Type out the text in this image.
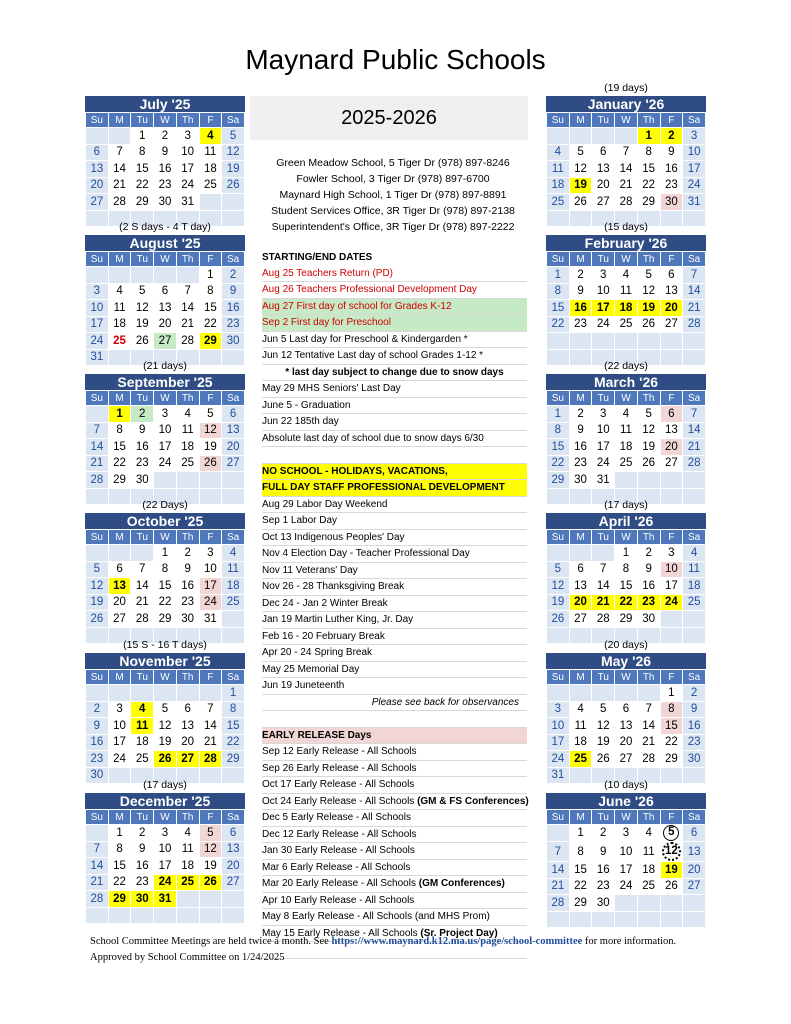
Maynard Public Schools
2025-2026
Green Meadow School, 5 Tiger Dr (978) 897-8246
Fowler School, 3 Tiger Dr (978) 897-6700
Maynard High School, 1 Tiger Dr (978) 897-8891
Student Services Office, 3R Tiger Dr (978) 897-2138
Superintendent's Office, 3R Tiger Dr (978) 897-2222
July '25
Su	M	Tu	W	Th	F	Sa
		1	2	3	4	5
6	7	8	9	10	11	12
13	14	15	16	17	18	19
20	21	22	23	24	25	26
27	28	29	30	31		

(2 S days - 4 T day)
August '25
Su	M	Tu	W	Th	F	Sa
					1	2
3	4	5	6	7	8	9
10	11	12	13	14	15	16
17	18	19	20	21	22	23
24	25	26	27	28	29	30
31						
(21 days)
September '25
Su	M	Tu	W	Th	F	Sa
	1	2	3	4	5	6
7	8	9	10	11	12	13
14	15	16	17	18	19	20
21	22	23	24	25	26	27
28	29	30				

(22 Days)
October '25
Su	M	Tu	W	Th	F	Sa
			1	2	3	4
5	6	7	8	9	10	11
12	13	14	15	16	17	18
19	20	21	22	23	24	25
26	27	28	29	30	31	

(15 S - 16 T days)
November '25
Su	M	Tu	W	Th	F	Sa
						1
2	3	4	5	6	7	8
9	10	11	12	13	14	15
16	17	18	19	20	21	22
23	24	25	26	27	28	29
30						
(17 days)
December '25
Su	M	Tu	W	Th	F	Sa
	1	2	3	4	5	6
7	8	9	10	11	12	13
14	15	16	17	18	19	20
21	22	23	24	25	26	27
28	29	30	31			

(19 days)
January '26
Su	M	Tu	W	Th	F	Sa
				1	2	3
4	5	6	7	8	9	10
11	12	13	14	15	16	17
18	19	20	21	22	23	24
25	26	27	28	29	30	31

(15 days)
February '26
Su	M	Tu	W	Th	F	Sa
1	2	3	4	5	6	7
8	9	10	11	12	13	14
15	16	17	18	19	20	21
22	23	24	25	26	27	28

(22 days)
March '26
Su	M	Tu	W	Th	F	Sa
1	2	3	4	5	6	7
8	9	10	11	12	13	14
15	16	17	18	19	20	21
22	23	24	25	26	27	28
29	30	31				

(17 days)
April '26
Su	M	Tu	W	Th	F	Sa
			1	2	3	4
5	6	7	8	9	10	11
12	13	14	15	16	17	18
19	20	21	22	23	24	25
26	27	28	29	30		

(20 days)
May '26
Su	M	Tu	W	Th	F	Sa
					1	2
3	4	5	6	7	8	9
10	11	12	13	14	15	16
17	18	19	20	21	22	23
24	25	26	27	28	29	30
31						
(10 days)
June '26
Su	M	Tu	W	Th	F	Sa
	1	2	3	4	5	6
7	8	9	10	11	12	13
14	15	16	17	18	19	20
21	22	23	24	25	26	27
28	29	30				

STARTING/END DATES
Aug 25 Teachers Return (PD)
Aug 26 Teachers Professional Development Day
Aug 27 First day of school for Grades K-12
Sep 2 First day for Preschool
Jun 5 Last day for Preschool & Kindergarden *
Jun 12 Tentative Last day of school Grades 1-12 *
* last day subject to change due to snow days
May 29 MHS Seniors' Last Day
June 5 - Graduation
Jun 22 185th day
Absolute last day of school due to snow days 6/30

NO SCHOOL - HOLIDAYS, VACATIONS,
FULL DAY STAFF PROFESSIONAL DEVELOPMENT
Aug 29 Labor Day Weekend
Sep 1 Labor Day
Oct 13 Indigenous Peoples' Day
Nov 4 Election Day - Teacher Professional Day
Nov 11 Veterans' Day
Nov 26 - 28 Thanksgiving Break
Dec 24 - Jan 2 Winter Break
Jan 19 Martin Luther King, Jr. Day
Feb 16 - 20 February Break
Apr 20 - 24 Spring Break
May 25 Memorial Day
Jun 19 Juneteenth
Please see back for observances

EARLY RELEASE Days
Sep 12 Early Release - All Schools
Sep 26 Early Release - All Schools
Oct 17 Early Release - All Schools
Oct 24 Early Release - All Schools (GM & FS Conferences)
Dec 5 Early Release - All Schools
Dec 12 Early Release - All Schools
Jan 30 Early Release - All Schools
Mar 6 Early Release - All Schools
Mar 20 Early Release - All Schools (GM Conferences)
Apr 10 Early Release - All Schools
May 8 Early Release - All Schools (and MHS Prom)
May 15 Early Release - All Schools (Sr. Project Day)

School Committee Meetings are held twice a month. See https://www.maynard.k12.ma.us/page/school-committee for more information.
Approved by School Committee on 1/24/2025
